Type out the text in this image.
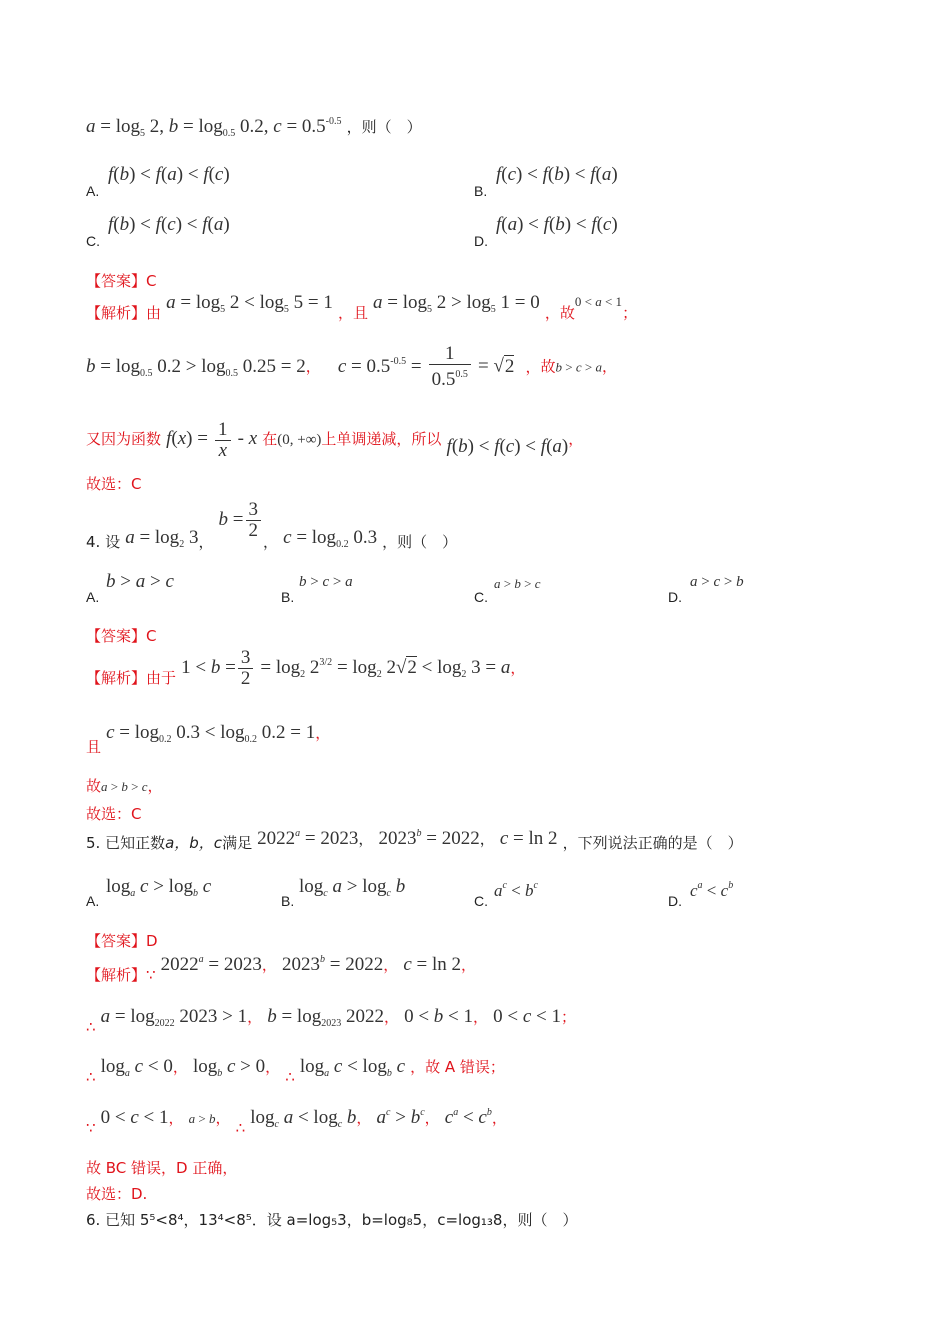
$a = \log_5 2$, $b = \log_{0.5} 0.2$, $c = 0.5^{-0.5}$ ，则（　）
A.
f(b) < f(a) < f(c)
B.
f(c) < f(b) < f(a)
C.
f(b) < f(c) < f(a)
D.
f(a) < f(b) < f(c)
【答案】C
【解析】由 $a = \log_5 2 < \log_5 5 = 1$ ，且 $a = \log_5 2 > \log_5 1 = 0$ ，故0 < a < 1；
$b = \log_{0.5} 0.2 > \log_{0.5} 0.25 = 2$， $c = 0.5^{-0.5} = \frac{1}{0.5^{0.5}} = √2$ ，故b > c > a，
又因为函数 $f(x) = \frac{1}{x} - x$ 在(0, +∞)上单调递减，所以 f(b) < f(c) < f(a)，
故选：C
4. 设 $a = \log_2 3$， $b = \frac{3}{2}$
， $c = \log_{0.2} 0.3$ ，则（　）
A.
b > a > c
B.
b > c > a
C.
a > b > c
D.
a > c > b
【答案】C
【解析】由于 $1 < b = \frac{3}{2} = \log_2 2^{3/2} = \log_2 2√2 < \log_2 3 = a$，
且 $c = \log_{0.2} 0.3 < \log_{0.2} 0.2 = 1$，
故a > b > c，
故选：C
5. 已知正数a，b，c满足 $2022^a = 2023$， $2023^b = 2022$， c = ln 2 ，下列说法正确的是（　）
A.
$\log_a c > \log_b c$
B.
$\log_c a > \log_c b$
C.
$a^c < b^c$
D.
$c^a < c^b$
【答案】D
【解析】∵ $2022^a = 2023$， $2023^b = 2022$， c = ln 2，
∴ $a = \log_{2022} 2023 > 1$， $b = \log_{2023} 2022$， 0 < b < 1， 0 < c < 1；
∴ $\log_a c < 0$， $\log_b c > 0$， ∴ $\log_a c < \log_b c$ ，故 A 错误；
∵ 0 < c < 1， a > b， ∴ $\log_c a < \log_c b$， $a^c > b^c$， $c^a < c^b$，
故 BC 错误，D 正确，
故选：D.
6. 已知 5⁵<8⁴，13⁴<8⁵．设 a=log₅3，b=log₈5，c=log₁₃8，则（　）
